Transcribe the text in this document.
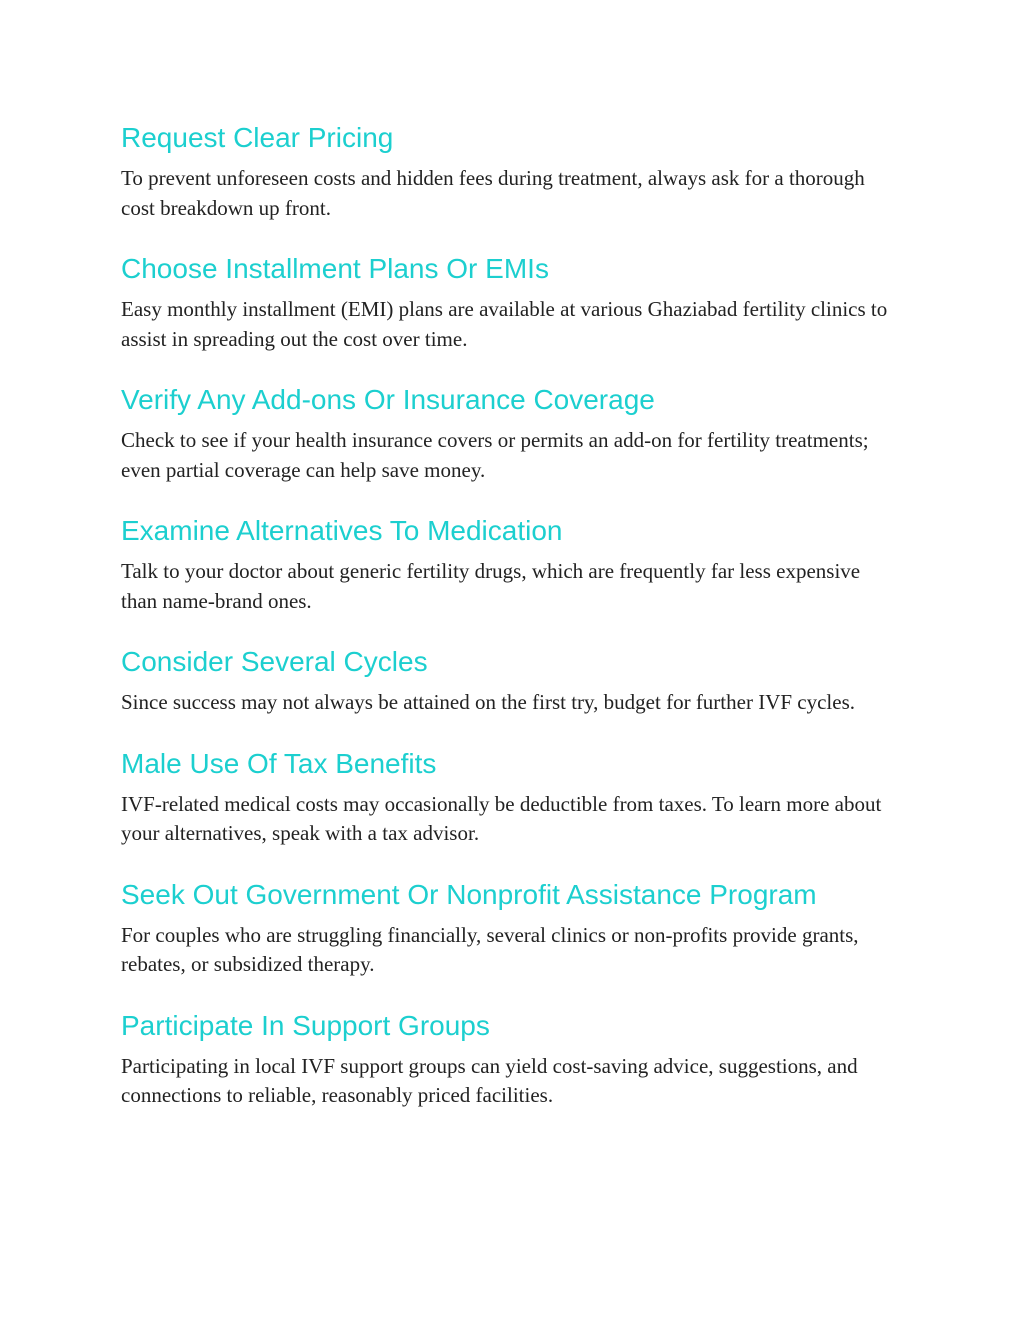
Request Clear Pricing

To prevent unforeseen costs and hidden fees during treatment, always ask for a thorough cost breakdown up front.

Choose Installment Plans Or EMIs

Easy monthly installment (EMI) plans are available at various Ghaziabad fertility clinics to assist in spreading out the cost over time.

Verify Any Add-ons Or Insurance Coverage

Check to see if your health insurance covers or permits an add-on for fertility treatments; even partial coverage can help save money.

Examine Alternatives To Medication

Talk to your doctor about generic fertility drugs, which are frequently far less expensive than name-brand ones.

Consider Several Cycles

Since success may not always be attained on the first try, budget for further IVF cycles.

Male Use Of Tax Benefits

IVF-related medical costs may occasionally be deductible from taxes. To learn more about your alternatives, speak with a tax advisor.

Seek Out Government Or Nonprofit Assistance Program

For couples who are struggling financially, several clinics or non-profits provide grants, rebates, or subsidized therapy.

Participate In Support Groups

Participating in local IVF support groups can yield cost-saving advice, suggestions, and connections to reliable, reasonably priced facilities.
